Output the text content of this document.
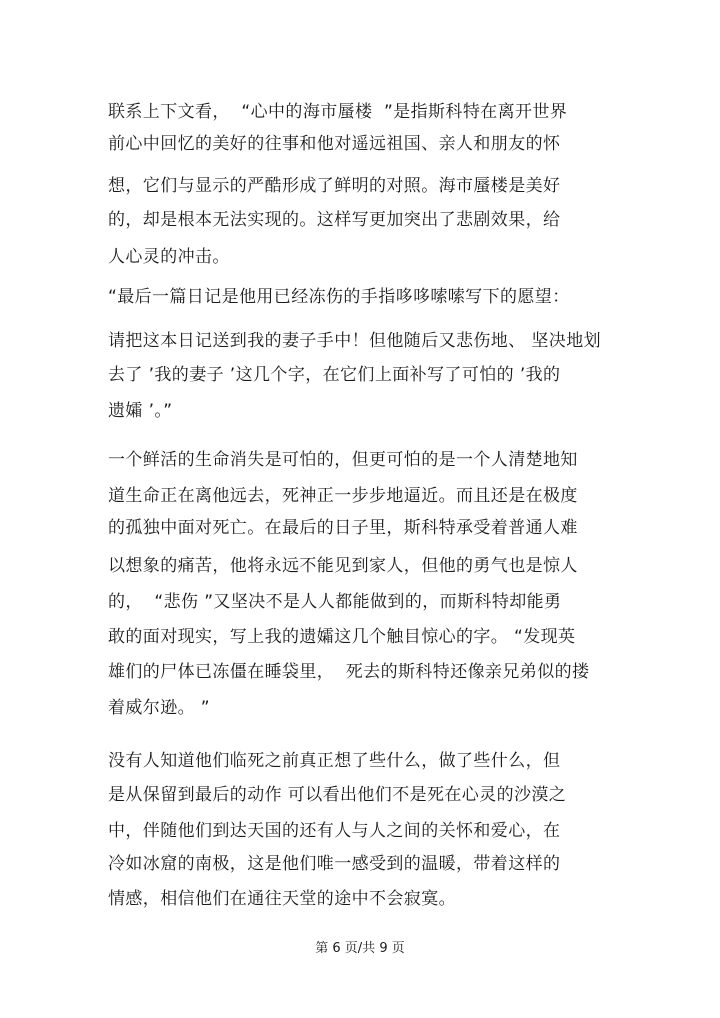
联系上下文看，  “心中的海市蜃楼  ”是指斯科特在离开世界
前心中回忆的美好的往事和他对遥远祖国、亲人和朋友的怀
想，它们与显示的严酷形成了鲜明的对照。海市蜃楼是美好
的，却是根本无法实现的。这样写更加突出了悲剧效果，给
人心灵的冲击。
“最后一篇日记是他用已经冻伤的手指哆哆嗦嗦写下的愿望：
请把这本日记送到我的妻子手中！但他随后又悲伤地、 坚决地划
去了 ’我的妻子 ’这几个字，在它们上面补写了可怕的 ’我的
遗孀 ’。”
一个鲜活的生命消失是可怕的，但更可怕的是一个人清楚地知
道生命正在离他远去，死神正一步步地逼近。而且还是在极度
的孤独中面对死亡。在最后的日子里，斯科特承受着普通人难
以想象的痛苦，他将永远不能见到家人，但他的勇气也是惊人
的，  “悲伤 ”又坚决不是人人都能做到的，而斯科特却能勇
敢的面对现实，写上我的遗孀这几个触目惊心的字。 “发现英
雄们的尸体已冻僵在睡袋里，  死去的斯科特还像亲兄弟似的搂
着威尔逊。 ”
没有人知道他们临死之前真正想了些什么，做了些什么，但
是从保留到最后的动作 可以看出他们不是死在心灵的沙漠之
中，伴随他们到达天国的还有人与人之间的关怀和爱心，在
冷如冰窟的南极，这是他们唯一感受到的温暖，带着这样的
情感，相信他们在通往天堂的途中不会寂寞。
第 6 页/共 9 页
